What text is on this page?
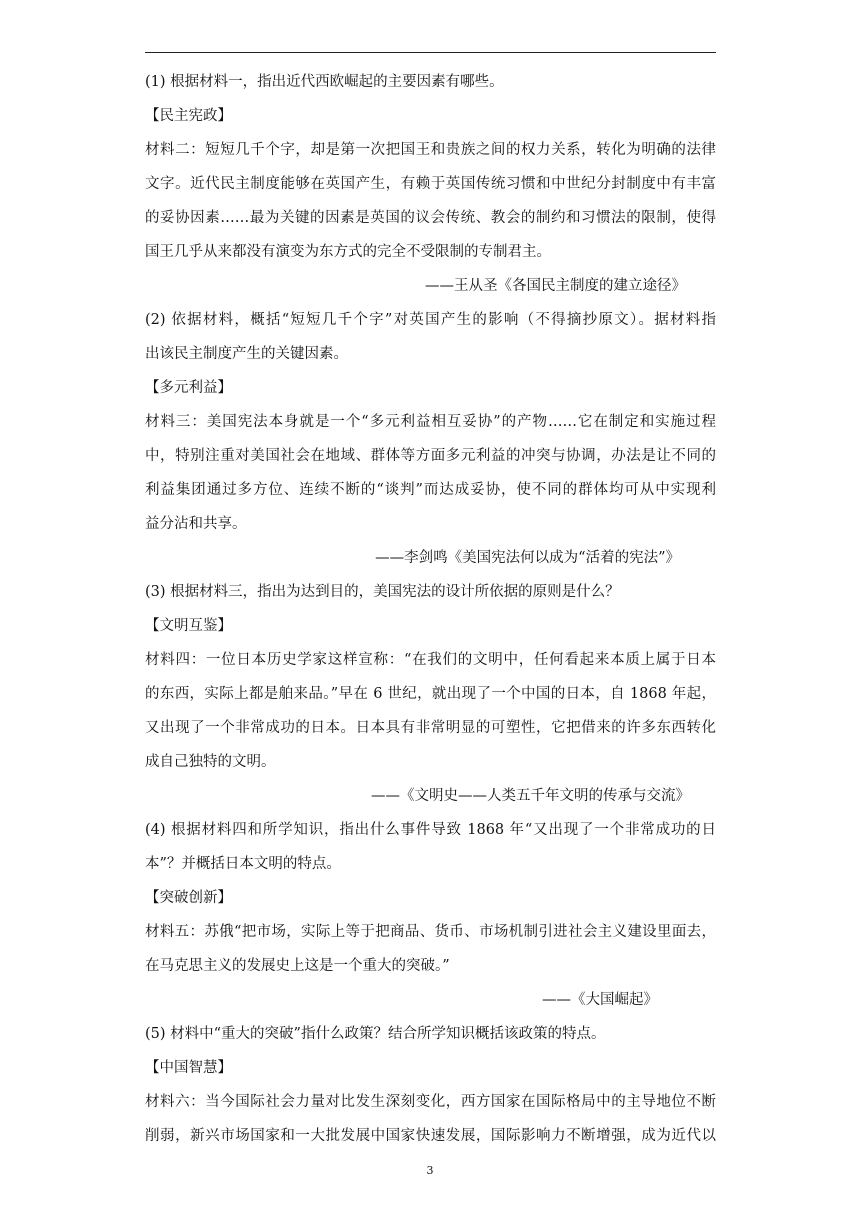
(1) 根据材料一，指出近代西欧崛起的主要因素有哪些。
【民主宪政】
材料二：短短几千个字，却是第一次把国王和贵族之间的权力关系，转化为明确的法律
文字。近代民主制度能够在英国产生，有赖于英国传统习惯和中世纪分封制度中有丰富
的妥协因素……最为关键的因素是英国的议会传统、教会的制约和习惯法的限制，使得
国王几乎从来都没有演变为东方式的完全不受限制的专制君主。
——王从圣《各国民主制度的建立途径》
(2) 依据材料，概括“短短几千个字”对英国产生的影响（不得摘抄原文）。据材料指
出该民主制度产生的关键因素。
【多元利益】
材料三：美国宪法本身就是一个“多元利益相互妥协”的产物……它在制定和实施过程
中，特别注重对美国社会在地域、群体等方面多元利益的冲突与协调，办法是让不同的
利益集团通过多方位、连续不断的“谈判”而达成妥协，使不同的群体均可从中实现利
益分沾和共享。
——李剑鸣《美国宪法何以成为“活着的宪法”》
(3) 根据材料三，指出为达到目的，美国宪法的设计所依据的原则是什么？
【文明互鉴】
材料四：一位日本历史学家这样宣称：“在我们的文明中，任何看起来本质上属于日本
的东西，实际上都是舶来品。”早在 6 世纪，就出现了一个中国的日本，自 1868 年起，
又出现了一个非常成功的日本。日本具有非常明显的可塑性，它把借来的许多东西转化
成自己独特的文明。
——《文明史——人类五千年文明的传承与交流》
(4) 根据材料四和所学知识，指出什么事件导致 1868 年“又出现了一个非常成功的日
本”？并概括日本文明的特点。
【突破创新】
材料五：苏俄“把市场，实际上等于把商品、货币、市场机制引进社会主义建设里面去，
在马克思主义的发展史上这是一个重大的突破。”
——《大国崛起》
(5) 材料中“重大的突破”指什么政策？结合所学知识概括该政策的特点。
【中国智慧】
材料六：当今国际社会力量对比发生深刻变化，西方国家在国际格局中的主导地位不断
削弱，新兴市场国家和一大批发展中国家快速发展，国际影响力不断增强，成为近代以
3
